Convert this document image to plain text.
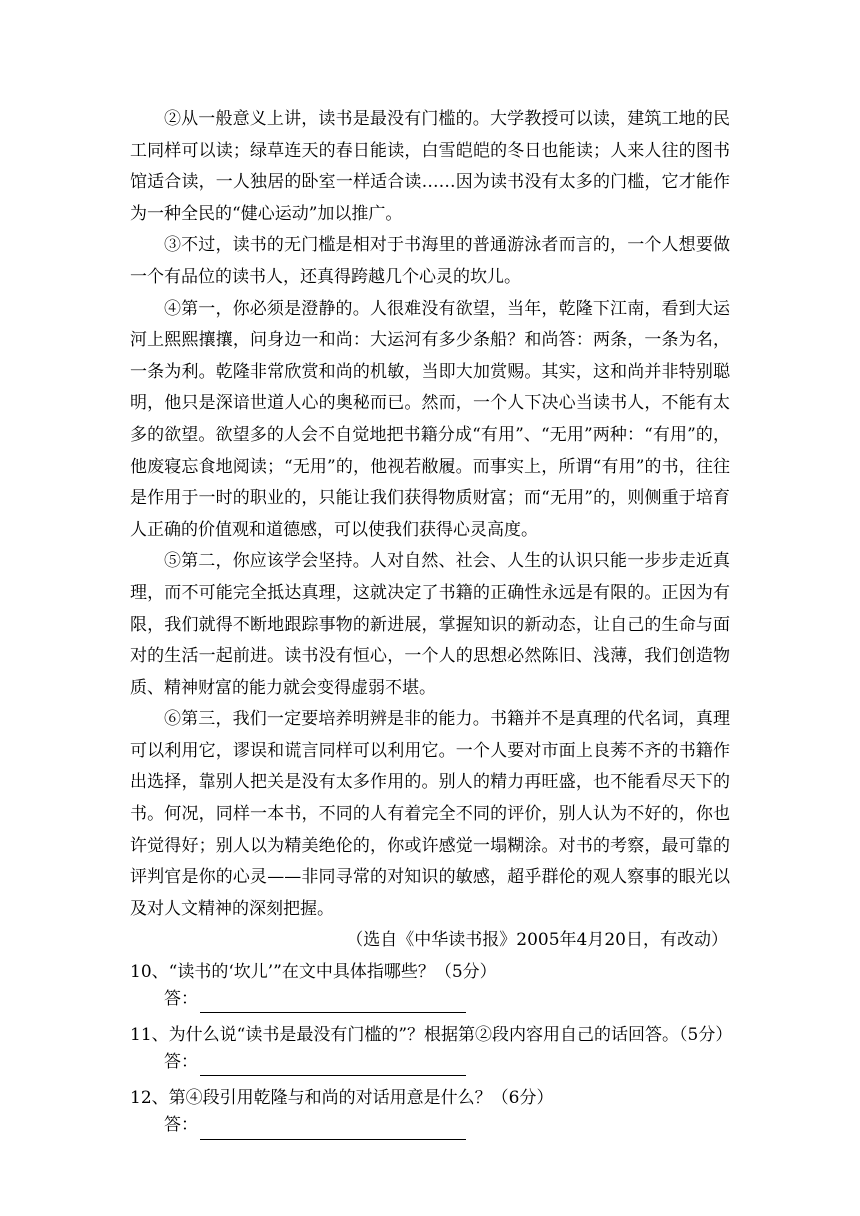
②从一般意义上讲，读书是最没有门槛的。大学教授可以读，建筑工地的民工同样可以读；绿草连天的春日能读，白雪皑皑的冬日也能读；人来人往的图书馆适合读，一人独居的卧室一样适合读……因为读书没有太多的门槛，它才能作为一种全民的“健心运动”加以推广。

③不过，读书的无门槛是相对于书海里的普通游泳者而言的，一个人想要做一个有品位的读书人，还真得跨越几个心灵的坎儿。

④第一，你必须是澄静的。人很难没有欲望，当年，乾隆下江南，看到大运河上熙熙攘攘，问身边一和尚：大运河有多少条船？和尚答：两条，一条为名，一条为利。乾隆非常欣赏和尚的机敏，当即大加赏赐。其实，这和尚并非特别聪明，他只是深谙世道人心的奥秘而已。然而，一个人下决心当读书人，不能有太多的欲望。欲望多的人会不自觉地把书籍分成“有用”、“无用”两种：“有用”的，他废寝忘食地阅读；“无用”的，他视若敝履。而事实上，所谓“有用”的书，往往是作用于一时的职业的，只能让我们获得物质财富；而“无用”的，则侧重于培育人正确的价值观和道德感，可以使我们获得心灵高度。

⑤第二，你应该学会坚持。人对自然、社会、人生的认识只能一步步走近真理，而不可能完全抵达真理，这就决定了书籍的正确性永远是有限的。正因为有限，我们就得不断地跟踪事物的新进展，掌握知识的新动态，让自己的生命与面对的生活一起前进。读书没有恒心，一个人的思想必然陈旧、浅薄，我们创造物质、精神财富的能力就会变得虚弱不堪。

⑥第三，我们一定要培养明辨是非的能力。书籍并不是真理的代名词，真理可以利用它，谬误和谎言同样可以利用它。一个人要对市面上良莠不齐的书籍作出选择，靠别人把关是没有太多作用的。别人的精力再旺盛，也不能看尽天下的书。何况，同样一本书，不同的人有着完全不同的评价，别人认为不好的，你也许觉得好；别人以为精美绝伦的，你或许感觉一塌糊涂。对书的考察，最可靠的评判官是你的心灵——非同寻常的对知识的敏感，超乎群伦的观人察事的眼光以及对人文精神的深刻把握。

（选自《中华读书报》2005年4月20日，有改动）

10、“读书的‘坎儿’”在文中具体指哪些？（5分）

答：

11、为什么说“读书是最没有门槛的”？根据第②段内容用自己的话回答。（5分）

答：

12、第④段引用乾隆与和尚的对话用意是什么？（6分）

答：
